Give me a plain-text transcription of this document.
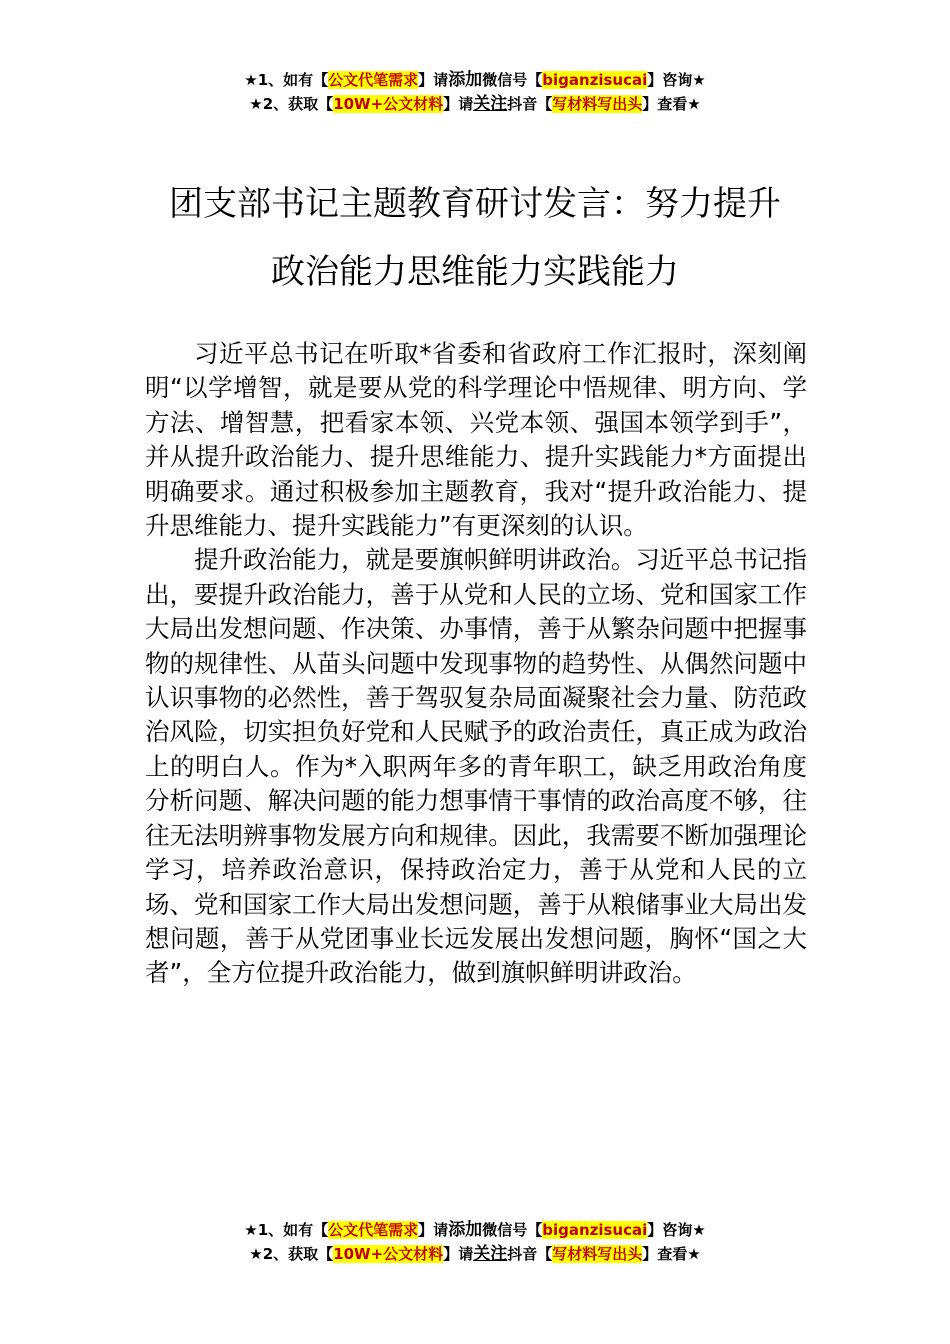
★1、如有【公文代笔需求】请添加微信号【biganzisucai】咨询★
★2、获取【10W+公文材料】请关注抖音【写材料写出头】查看★
团支部书记主题教育研讨发言：努力提升
政治能力思维能力实践能力

习近平总书记在听取*省委和省政府工作汇报时，深刻阐明“以学增智，就是要从党的科学理论中悟规律、明方向、学方法、增智慧，把看家本领、兴党本领、强国本领学到手”，并从提升政治能力、提升思维能力、提升实践能力*方面提出明确要求。通过积极参加主题教育，我对“提升政治能力、提升思维能力、提升实践能力”有更深刻的认识。

提升政治能力，就是要旗帜鲜明讲政治。习近平总书记指出，要提升政治能力，善于从党和人民的立场、党和国家工作大局出发想问题、作决策、办事情，善于从繁杂问题中把握事物的规律性、从苗头问题中发现事物的趋势性、从偶然问题中认识事物的必然性，善于驾驭复杂局面凝聚社会力量、防范政治风险，切实担负好党和人民赋予的政治责任，真正成为政治上的明白人。作为*入职两年多的青年职工，缺乏用政治角度分析问题、解决问题的能力想事情干事情的政治高度不够，往往无法明辨事物发展方向和规律。因此，我需要不断加强理论学习，培养政治意识，保持政治定力，善于从党和人民的立场、党和国家工作大局出发想问题，善于从粮储事业大局出发想问题，善于从党团事业长远发展出发想问题，胸怀“国之大者”，全方位提升政治能力，做到旗帜鲜明讲政治。

★1、如有【公文代笔需求】请添加微信号【biganzisucai】咨询★
★2、获取【10W+公文材料】请关注抖音【写材料写出头】查看★
